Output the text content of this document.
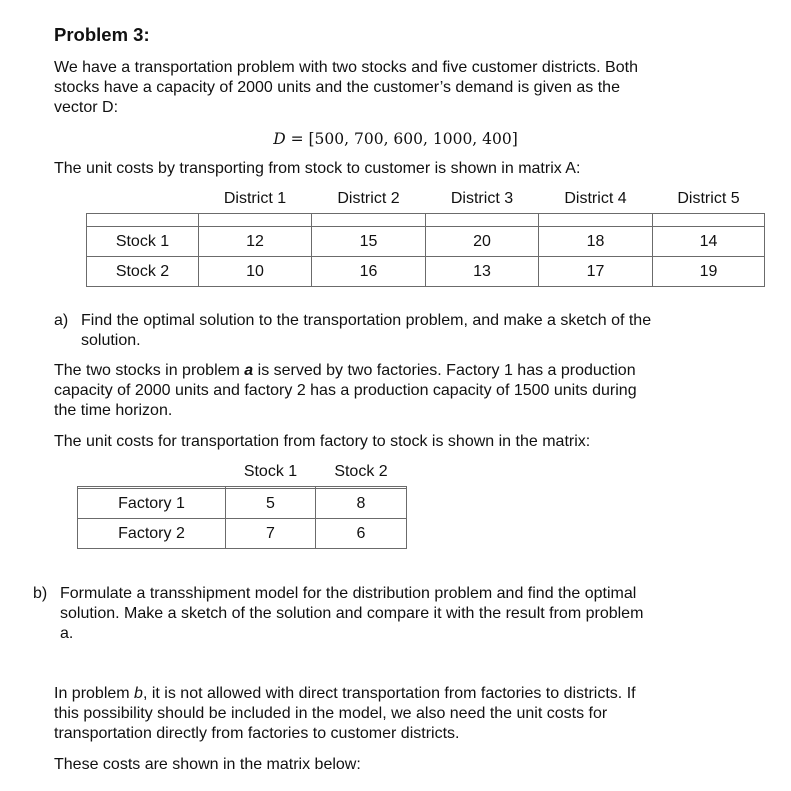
Problem 3:
We have a transportation problem with two stocks and five customer districts. Both
stocks have a capacity of 2000 units and the customer’s demand is given as the
vector D:
D = [500, 700, 600, 1000, 400]
The unit costs by transporting from stock to customer is shown in matrix A:
	District 1	District 2	District 3	District 4	District 5

Stock 1	12	15	20	18	14
Stock 2	10	16	13	17	19
a) Find the optimal solution to the transportation problem, and make a sketch of the
solution.
The two stocks in problem a is served by two factories. Factory 1 has a production
capacity of 2000 units and factory 2 has a production capacity of 1500 units during
the time horizon.
The unit costs for transportation from factory to stock is shown in the matrix:
	Stock 1	Stock 2

Factory 1	5	8
Factory 2	7	6
b) Formulate a transshipment model for the distribution problem and find the optimal
solution. Make a sketch of the solution and compare it with the result from problem
a.
In problem b, it is not allowed with direct transportation from factories to districts. If
this possibility should be included in the model, we also need the unit costs for
transportation directly from factories to customer districts.
These costs are shown in the matrix below:
